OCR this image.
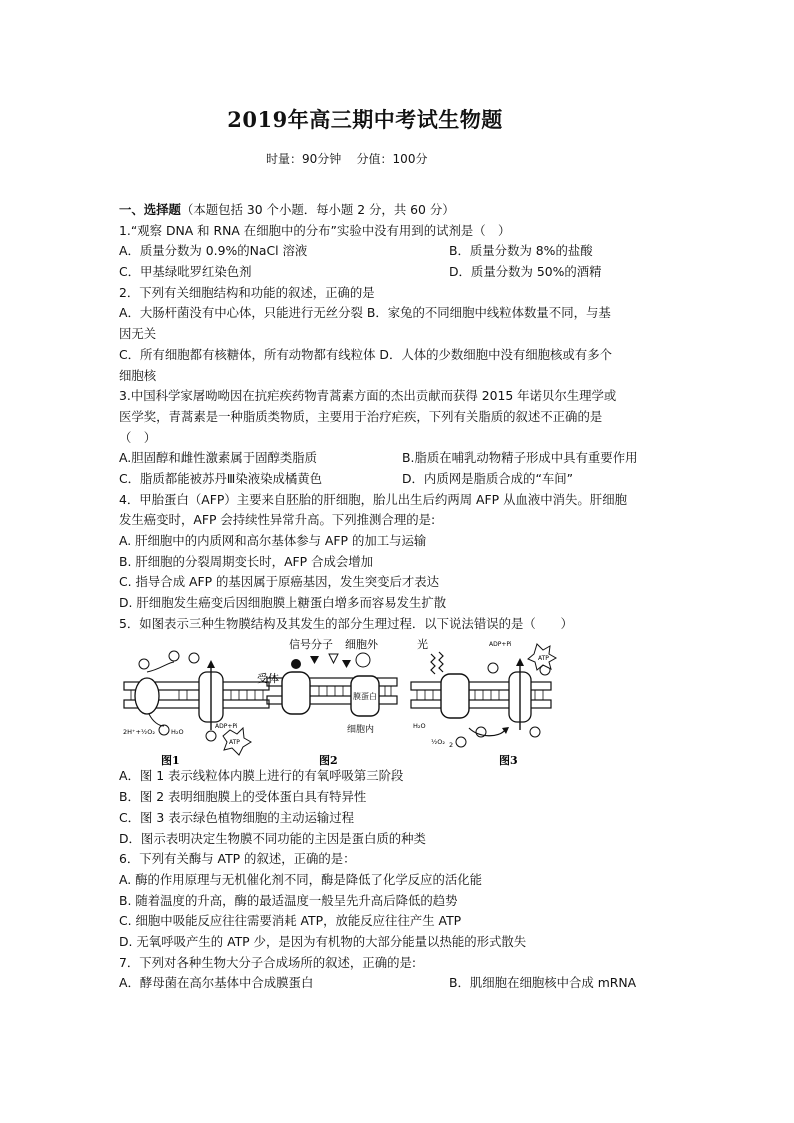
2019年高三期中考试生物题
时量：90分钟 分值：100分
一、选择题（本题包括 30 个小题．每小题 2 分，共 60 分）
1.“观察 DNA 和 RNA 在细胞中的分布”实验中没有用到的试剂是（　）
A．质量分数为 0.9%的NaCl 溶液	B．质量分数为 8%的盐酸
C．甲基绿吡罗红染色剂	D．质量分数为 50%的酒精
2．下列有关细胞结构和功能的叙述，正确的是
A．大肠杆菌没有中心体，只能进行无丝分裂 B．家兔的不同细胞中线粒体数量不同，与基
因无关
C．所有细胞都有核糖体，所有动物都有线粒体 D．人体的少数细胞中没有细胞核或有多个
细胞核
3.中国科学家屠呦呦因在抗疟疾药物青蒿素方面的杰出贡献而获得 2015 年诺贝尔生理学或
医学奖，青蒿素是一种脂质类物质，主要用于治疗疟疾，下列有关脂质的叙述不正确的是
（　）
A.胆固醇和雌性激素属于固醇类脂质	B.脂质在哺乳动物精子形成中具有重要作用
C．脂质都能被苏丹Ⅲ染液染成橘黄色	D．内质网是脂质合成的“车间”
4．甲胎蛋白（AFP）主要来自胚胎的肝细胞，胎儿出生后约两周 AFP 从血液中消失。肝细胞
发生癌变时，AFP 会持续性异常升高。下列推测合理的是:
A. 肝细胞中的内质网和高尔基体参与 AFP 的加工与运输
B. 肝细胞的分裂周期变长时，AFP 合成会增加
C. 指导合成 AFP 的基因属于原癌基因，发生突变后才表达
D. 肝细胞发生癌变后因细胞膜上糖蛋白增多而容易发生扩散
5．如图表示三种生物膜结构及其发生的部分生理过程．以下说法错误的是（　　）
2H⁺+½O₂ H₂O
ADP+Pi
ATP
图1
信号分子 细胞外
受体
膜蛋白
细胞内
图2
光	ADP+Pi
ATP
H₂O
½O₂ 2
图3
A．图 1 表示线粒体内膜上进行的有氧呼吸第三阶段
B．图 2 表明细胞膜上的受体蛋白具有特异性
C．图 3 表示绿色植物细胞的主动运输过程
D．图示表明决定生物膜不同功能的主因是蛋白质的种类
6．下列有关酶与 ATP 的叙述，正确的是：
A. 酶的作用原理与无机催化剂不同，酶是降低了化学反应的活化能
B. 随着温度的升高，酶的最适温度一般呈先升高后降低的趋势
C. 细胞中吸能反应往往需要消耗 ATP，放能反应往往产生 ATP
D. 无氧呼吸产生的 ATP 少，是因为有机物的大部分能量以热能的形式散失
7．下列对各种生物大分子合成场所的叙述，正确的是:
A．酵母菌在高尔基体中合成膜蛋白	B．肌细胞在细胞核中合成 mRNA
